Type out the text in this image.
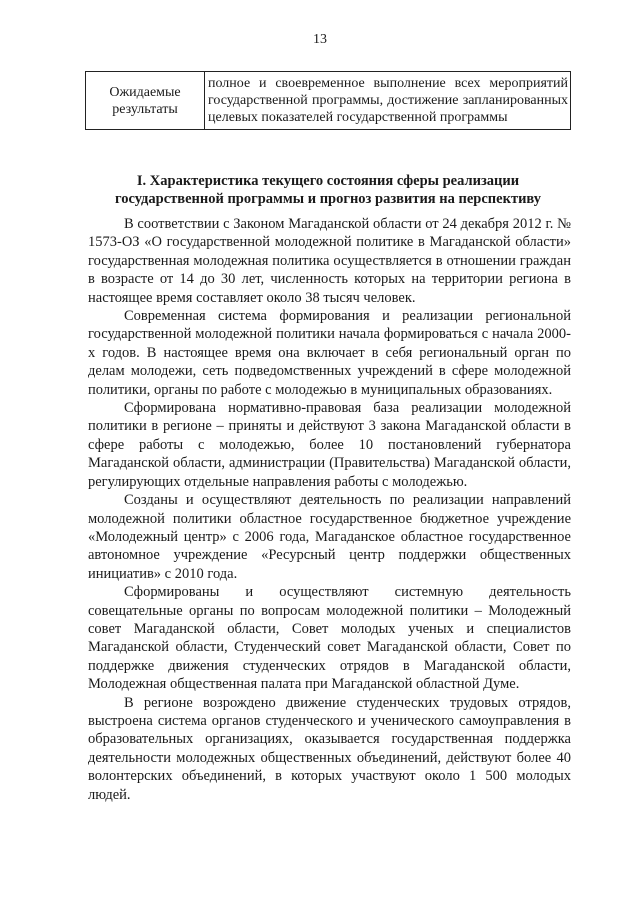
13
Ожидаемые результаты	полное и своевременное выполнение всех мероприятий государственной программы, достижение запланированных целевых показателей государственной программы
I. Характеристика текущего состояния сферы реализации государственной программы и прогноз развития на перспективу

В соответствии с Законом Магаданской области от 24 декабря 2012 г. № 1573-ОЗ «О государственной молодежной политике в Магаданской области» государственная молодежная политика осуществляется в отношении граждан в возрасте от 14 до 30 лет, численность которых на территории региона в настоящее время составляет около 38 тысяч человек.

Современная система формирования и реализации региональной государственной молодежной политики начала формироваться с начала 2000-х годов. В настоящее время она включает в себя региональный орган по делам молодежи, сеть подведомственных учреждений в сфере молодежной политики, органы по работе с молодежью в муниципальных образованиях.

Сформирована нормативно-правовая база реализации молодежной политики в регионе – приняты и действуют 3 закона Магаданской области в сфере работы с молодежью, более 10 постановлений губернатора Магаданской области, администрации (Правительства) Магаданской области, регулирующих отдельные направления работы с молодежью.

Созданы и осуществляют деятельность по реализации направлений молодежной политики областное государственное бюджетное учреждение «Молодежный центр» с 2006 года, Магаданское областное государственное автономное учреждение «Ресурсный центр поддержки общественных инициатив» с 2010 года.

Сформированы и осуществляют системную деятельность совещательные органы по вопросам молодежной политики – Молодежный совет Магаданской области, Совет молодых ученых и специалистов Магаданской области, Студенческий совет Магаданской области, Совет по поддержке движения студенческих отрядов в Магаданской области, Молодежная общественная палата при Магаданской областной Думе.

В регионе возрождено движение студенческих трудовых отрядов, выстроена система органов студенческого и ученического самоуправления в образовательных организациях, оказывается государственная поддержка деятельности молодежных общественных объединений, действуют более 40 волонтерских объединений, в которых участвуют около 1 500 молодых людей.
